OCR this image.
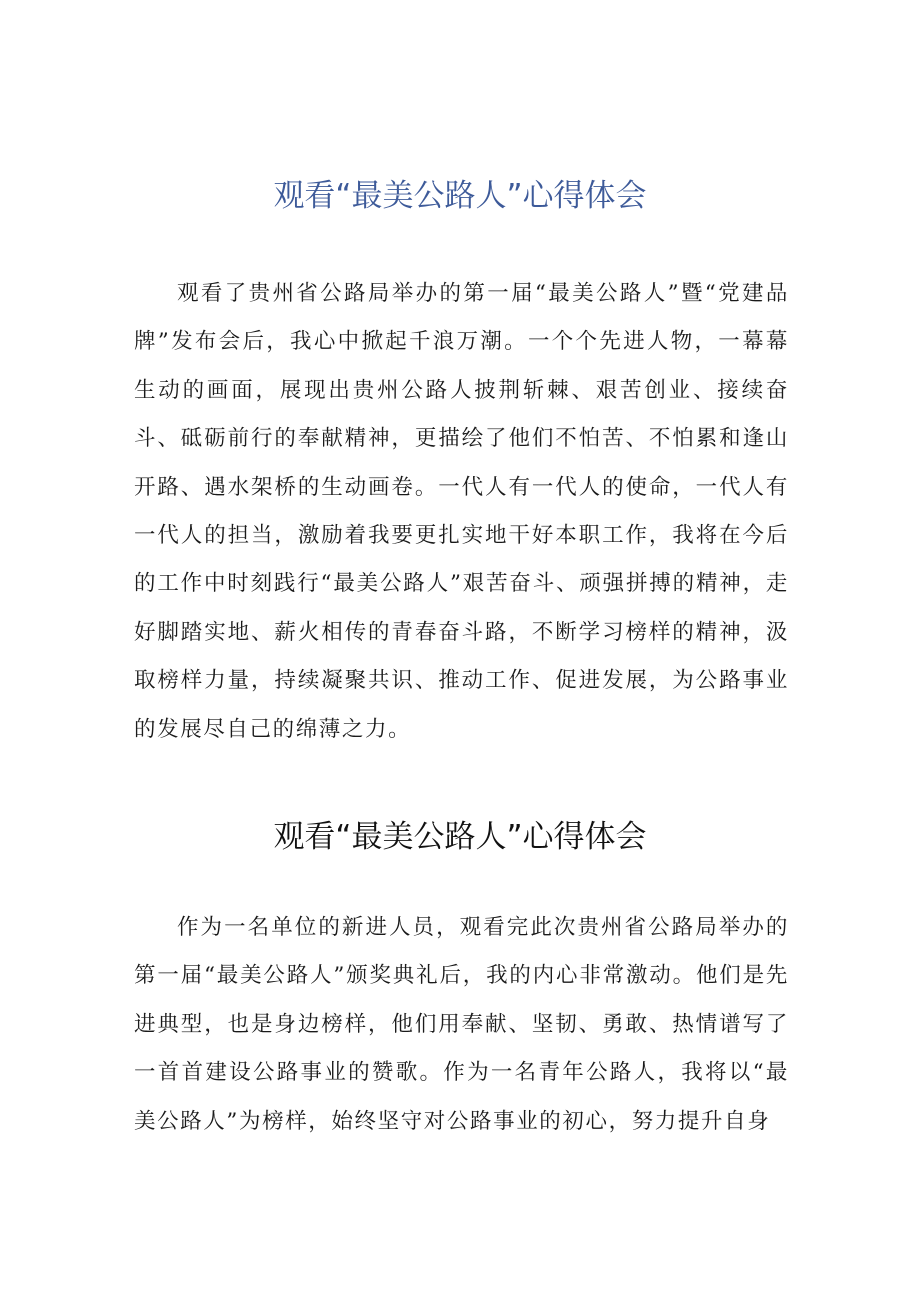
观看“最美公路人”心得体会

观看了贵州省公路局举办的第一届“最美公路人”暨“党建品牌”发布会后，我心中掀起千浪万潮。一个个先进人物，一幕幕生动的画面，展现出贵州公路人披荆斩棘、艰苦创业、接续奋斗、砥砺前行的奉献精神，更描绘了他们不怕苦、不怕累和逢山开路、遇水架桥的生动画卷。一代人有一代人的使命，一代人有一代人的担当，激励着我要更扎实地干好本职工作，我将在今后的工作中时刻践行“最美公路人”艰苦奋斗、顽强拼搏的精神，走好脚踏实地、薪火相传的青春奋斗路，不断学习榜样的精神，汲取榜样力量，持续凝聚共识、推动工作、促进发展，为公路事业的发展尽自己的绵薄之力。

观看“最美公路人”心得体会

作为一名单位的新进人员，观看完此次贵州省公路局举办的第一届“最美公路人”颁奖典礼后，我的内心非常激动。他们是先进典型，也是身边榜样，他们用奉献、坚韧、勇敢、热情谱写了一首首建设公路事业的赞歌。作为一名青年公路人，我将以“最美公路人”为榜样，始终坚守对公路事业的初心，努力提升自身
